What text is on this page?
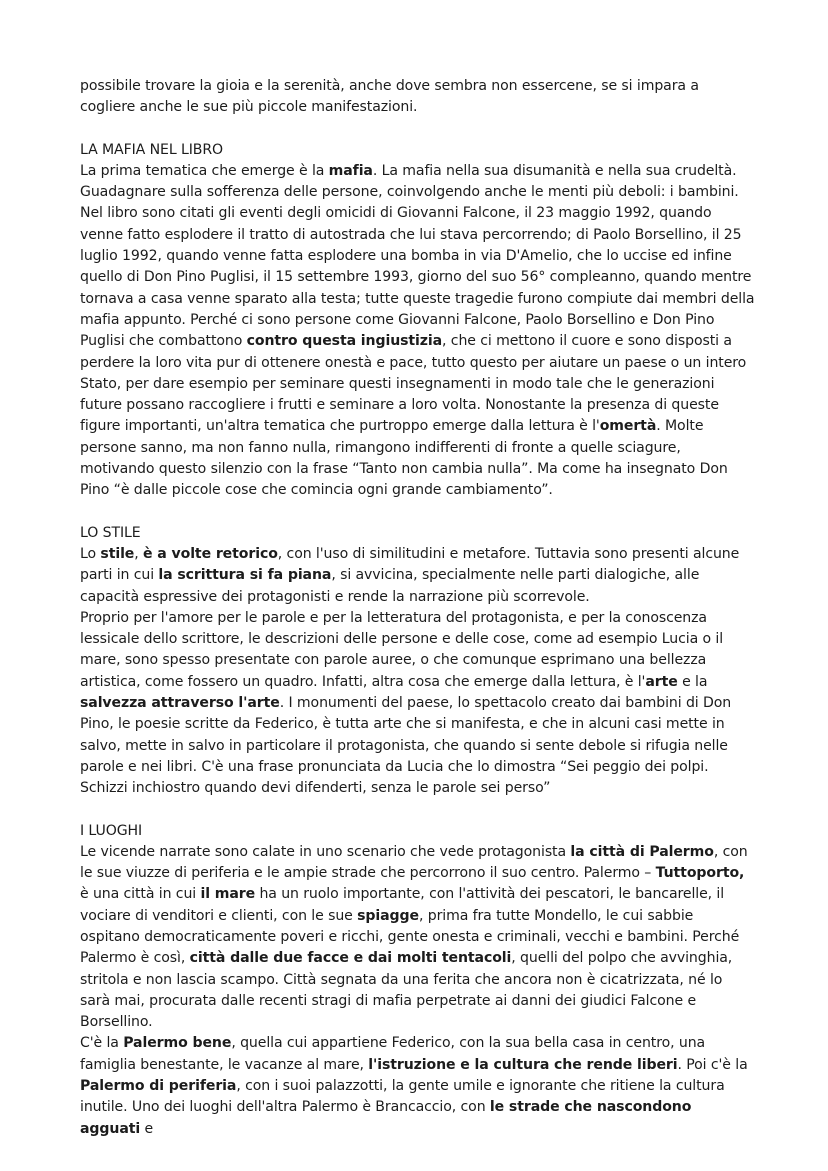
possibile trovare la gioia e la serenità, anche dove sembra non essercene, se si impara a cogliere anche le sue più piccole manifestazioni.

LA MAFIA NEL LIBRO

La prima tematica che emerge è la mafia. La mafia nella sua disumanità e nella sua crudeltà. Guadagnare sulla sofferenza delle persone, coinvolgendo anche le menti più deboli: i bambini. Nel libro sono citati gli eventi degli omicidi di Giovanni Falcone, il 23 maggio 1992, quando venne fatto esplodere il tratto di autostrada che lui stava percorrendo; di Paolo Borsellino, il 25 luglio 1992, quando venne fatta esplodere una bomba in via D'Amelio, che lo uccise ed infine quello di Don Pino Puglisi, il 15 settembre 1993, giorno del suo 56° compleanno, quando mentre tornava a casa venne sparato alla testa; tutte queste tragedie furono compiute dai membri della mafia appunto. Perché ci sono persone come Giovanni Falcone, Paolo Borsellino e Don Pino Puglisi che combattono contro questa ingiustizia, che ci mettono il cuore e sono disposti a perdere la loro vita pur di ottenere onestà e pace, tutto questo per aiutare un paese o un intero Stato, per dare esempio per seminare questi insegnamenti in modo tale che le generazioni future possano raccogliere i frutti e seminare a loro volta. Nonostante la presenza di queste figure importanti, un'altra tematica che purtroppo emerge dalla lettura è l'omertà. Molte persone sanno, ma non fanno nulla, rimangono indifferenti di fronte a quelle sciagure, motivando questo silenzio con la frase “Tanto non cambia nulla”. Ma come ha insegnato Don Pino “è dalle piccole cose che comincia ogni grande cambiamento”.

LO STILE

Lo stile, è a volte retorico, con l'uso di similitudini e metafore. Tuttavia sono presenti alcune parti in cui la scrittura si fa piana, si avvicina, specialmente nelle parti dialogiche, alle capacità espressive dei protagonisti e rende la narrazione più scorrevole.

Proprio per l'amore per le parole e per la letteratura del protagonista, e per la conoscenza lessicale dello scrittore, le descrizioni delle persone e delle cose, come ad esempio Lucia o il mare, sono spesso presentate con parole auree, o che comunque esprimano una bellezza artistica, come fossero un quadro. Infatti, altra cosa che emerge dalla lettura, è l'arte e la salvezza attraverso l'arte. I monumenti del paese, lo spettacolo creato dai bambini di Don Pino, le poesie scritte da Federico, è tutta arte che si manifesta, e che in alcuni casi mette in salvo, mette in salvo in particolare il protagonista, che quando si sente debole si rifugia nelle parole e nei libri. C'è una frase pronunciata da Lucia che lo dimostra “Sei peggio dei polpi. Schizzi inchiostro quando devi difenderti, senza le parole sei perso”

I LUOGHI

Le vicende narrate sono calate in uno scenario che vede protagonista la città di Palermo, con le sue viuzze di periferia e le ampie strade che percorrono il suo centro. Palermo – Tuttoporto, è una città in cui il mare ha un ruolo importante, con l'attività dei pescatori, le bancarelle, il vociare di venditori e clienti, con le sue spiagge, prima fra tutte Mondello, le cui sabbie ospitano democraticamente poveri e ricchi, gente onesta e criminali, vecchi e bambini. Perché Palermo è così, città dalle due facce e dai molti tentacoli, quelli del polpo che avvinghia, stritola e non lascia scampo. Città segnata da una ferita che ancora non è cicatrizzata, né lo sarà mai, procurata dalle recenti stragi di mafia perpetrate ai danni dei giudici Falcone e Borsellino.

C'è la Palermo bene, quella cui appartiene Federico, con la sua bella casa in centro, una famiglia benestante, le vacanze al mare, l'istruzione e la cultura che rende liberi. Poi c'è la Palermo di periferia, con i suoi palazzotti, la gente umile e ignorante che ritiene la cultura inutile. Uno dei luoghi dell'altra Palermo è Brancaccio, con le strade che nascondono agguati e
